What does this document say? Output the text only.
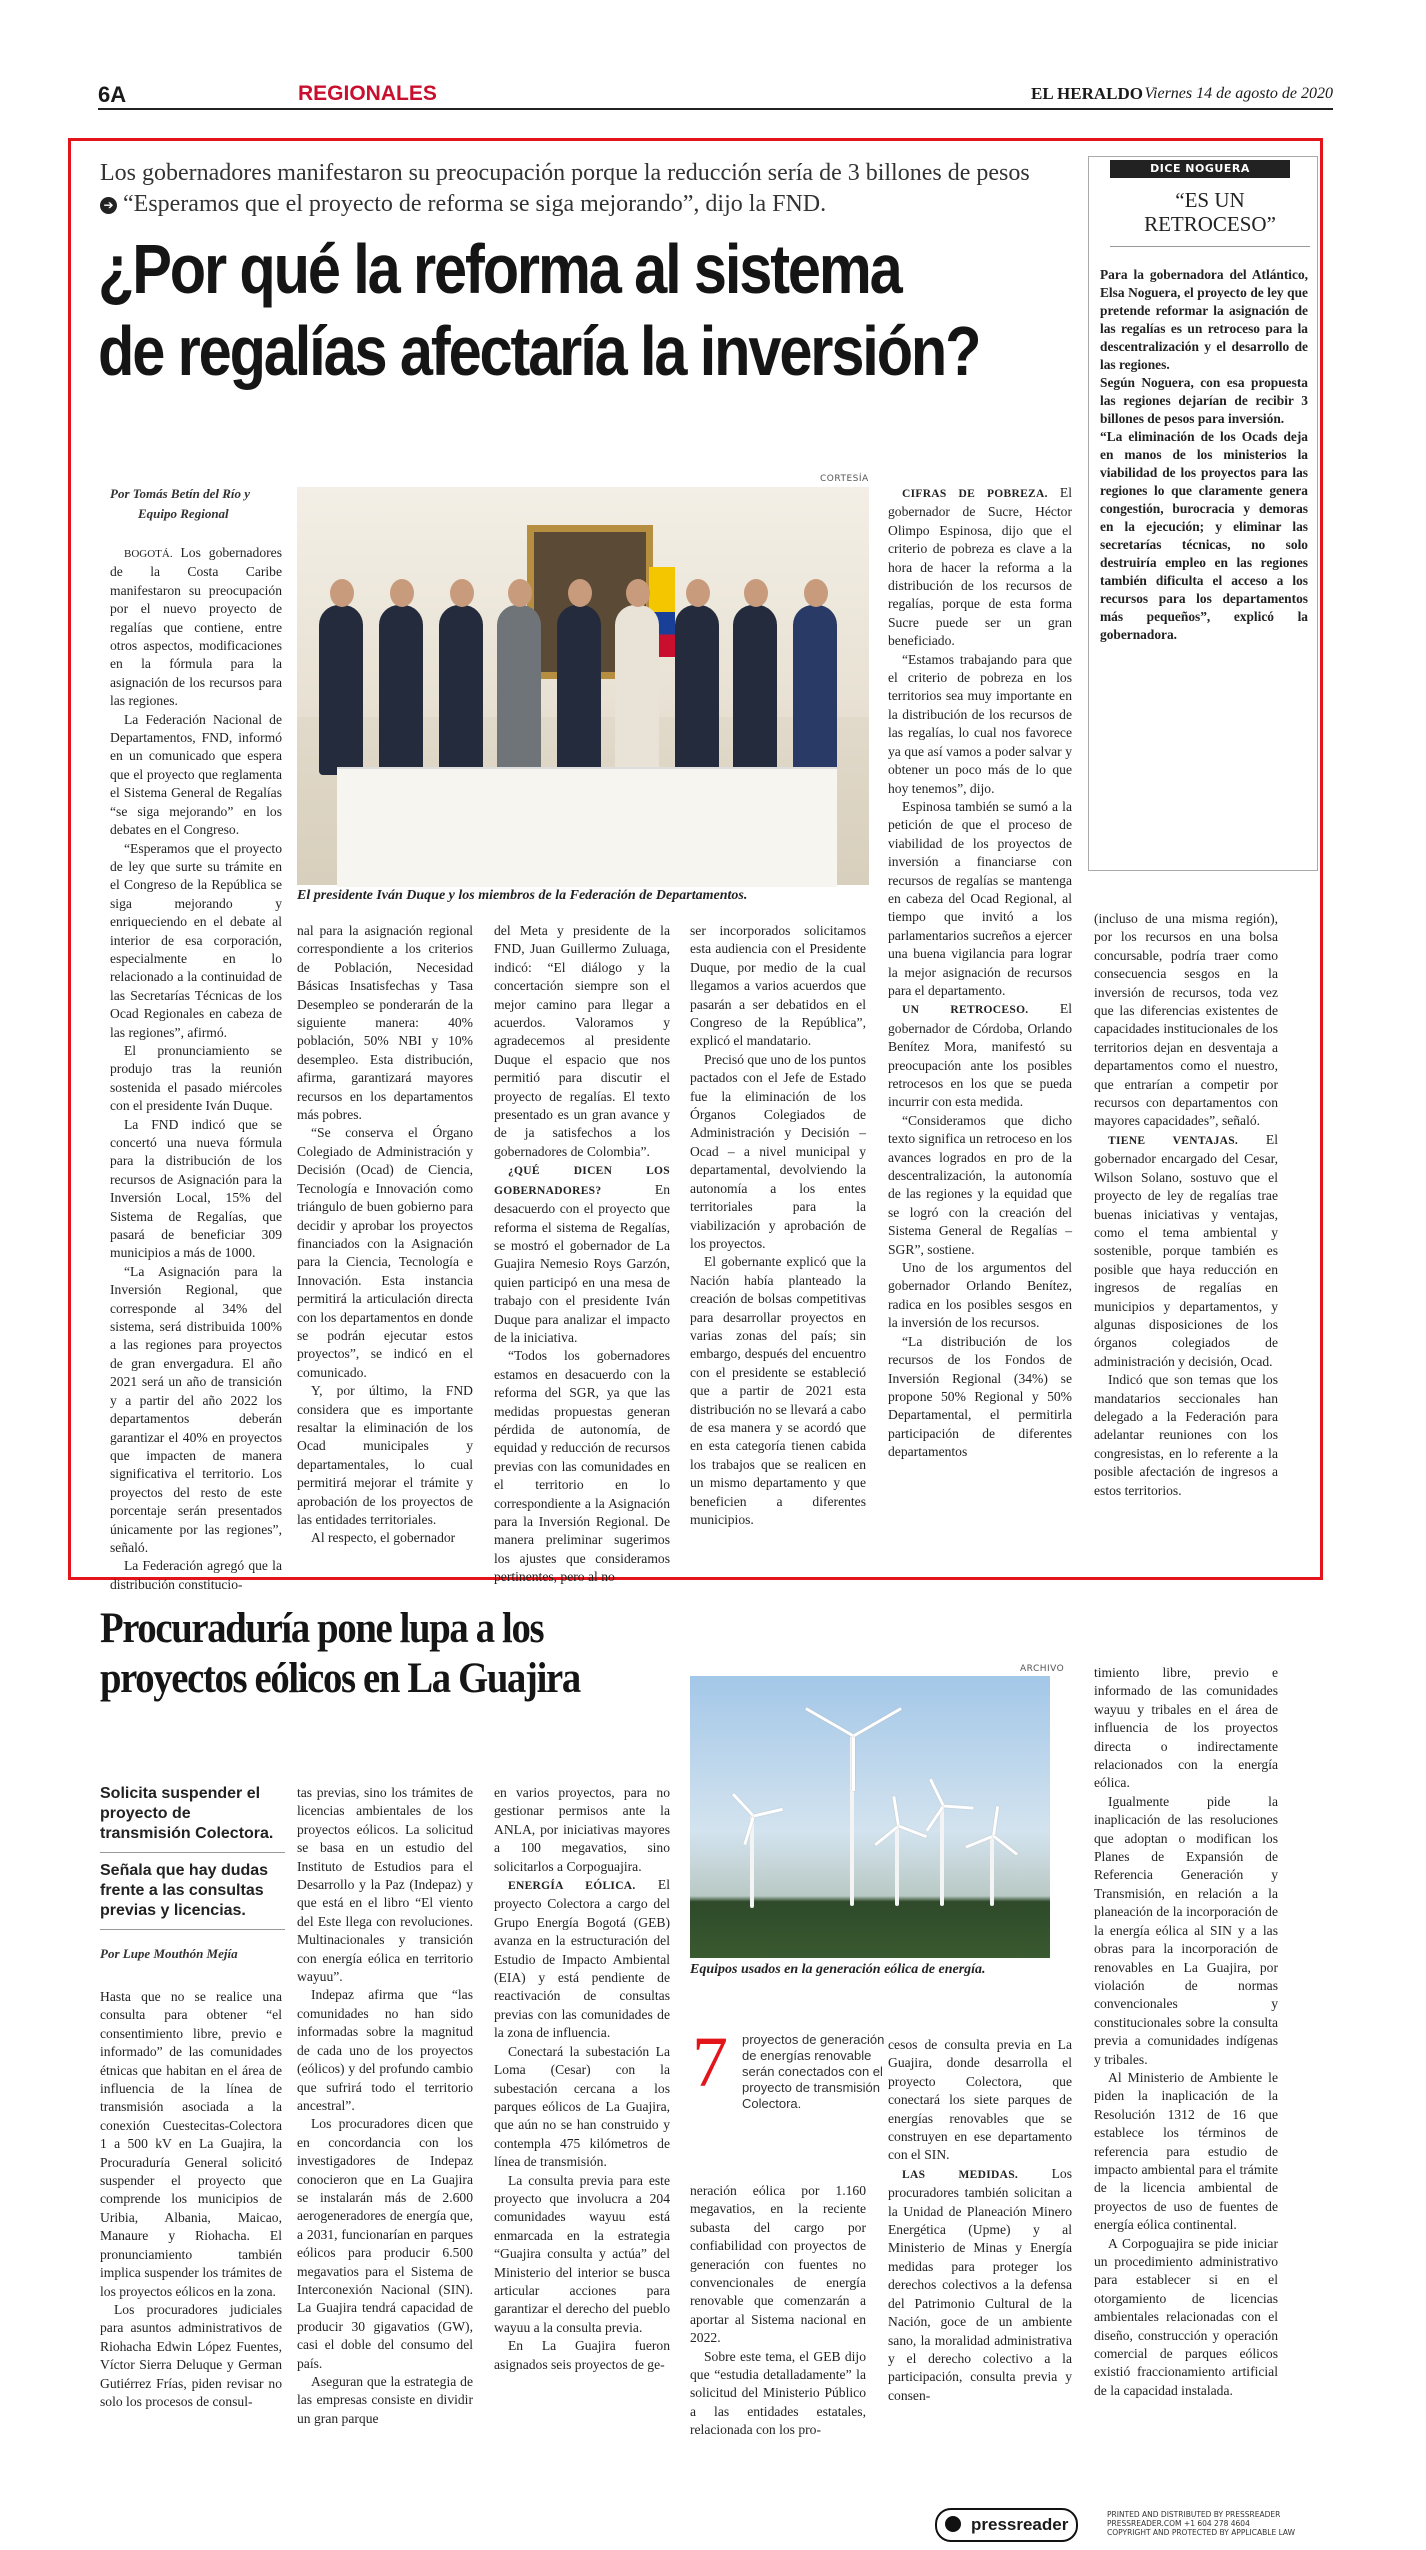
6A	REGIONALES	EL HERALDO Viernes 14 de agosto de 2020
Los gobernadores manifestaron su preocupación porque la reducción sería de 3 billones de pesos ➔ “Esperamos que el proyecto de reforma se siga mejorando”, dijo la FND.
¿Por qué la reforma al sistema
de regalías afectaría la inversión?
Por Tomás Betín del Río y
Equipo Regional
CORTESÍA
El presidente Iván Duque y los miembros de la Federación de Departamentos.

BOGOTÁ. Los gobernadores de la Costa Caribe manifestaron su preocupación por el nuevo proyecto de regalías que contiene, entre otros aspectos, modificaciones en la fórmula para la asignación de los recursos para las regiones.

La Federación Nacional de Departamentos, FND, informó en un comunicado que espera que el proyecto que reglamenta el Sistema General de Regalías “se siga mejorando” en los debates en el Congreso.

“Esperamos que el proyecto de ley que surte su trámite en el Congreso de la República se siga mejorando y enriqueciendo en el debate al interior de esa corporación, especialmente en lo relacionado a la continuidad de las Secretarías Técnicas de los Ocad Regionales en cabeza de las regiones”, afirmó.

El pronunciamiento se produjo tras la reunión sostenida el pasado miércoles con el presidente Iván Duque.

La FND indicó que se concertó una nueva fórmula para la distribución de los recursos de Asignación para la Inversión Local, 15% del Sistema de Regalías, que pasará de beneficiar 309 municipios a más de 1000.

“La Asignación para la Inversión Regional, que corresponde al 34% del sistema, será distribuida 100% a las regiones para proyectos de gran envergadura. El año 2021 será un año de transición y a partir del año 2022 los departamentos deberán garantizar el 40% en proyectos que impacten de manera significativa el territorio. Los proyectos del resto de este porcentaje serán presentados únicamente por las regiones”, señaló.

La Federación agregó que la distribución constitucio-

nal para la asignación regional correspondiente a los criterios de Población, Necesidad Básicas Insatisfechas y Tasa Desempleo se ponderarán de la siguiente manera: 40% población, 50% NBI y 10% desempleo. Esta distribución, afirma, garantizará mayores recursos en los departamentos más pobres.

“Se conserva el Órgano Colegiado de Administración y Decisión (Ocad) de Ciencia, Tecnología e Innovación como triángulo de buen gobierno para decidir y aprobar los proyectos financiados con la Asignación para la Ciencia, Tecnología e Innovación. Esta instancia permitirá la articulación directa con los departamentos en donde se podrán ejecutar estos proyectos”, se indicó en el comunicado.

Y, por último, la FND considera que es importante resaltar la eliminación de los Ocad municipales y departamentales, lo cual permitirá mejorar el trámite y aprobación de los proyectos de las entidades territoriales.

Al respecto, el gobernador

del Meta y presidente de la FND, Juan Guillermo Zuluaga, indicó: “El diálogo y la concertación siempre son el mejor camino para llegar a acuerdos. Valoramos y agradecemos al presidente Duque el espacio que nos permitió para discutir el proyecto de regalías. El texto presentado es un gran avance y de ja satisfechos a los gobernadores de Colombia”.

¿QUÉ DICEN LOS GOBERNADORES? En desacuerdo con el proyecto que reforma el sistema de Regalías, se mostró el gobernador de La Guajira Nemesio Roys Garzón, quien participó en una mesa de trabajo con el presidente Iván Duque para analizar el impacto de la iniciativa.

“Todos los gobernadores estamos en desacuerdo con la reforma del SGR, ya que las medidas propuestas generan pérdida de autonomía, de equidad y reducción de recursos previas con las comunidades en el territorio en lo correspondiente a la Asignación para la Inversión Regional. De manera preliminar sugerimos los ajustes que consideramos pertinentes, pero al no

ser incorporados solicitamos esta audiencia con el Presidente Duque, por medio de la cual llegamos a varios acuerdos que pasarán a ser debatidos en el Congreso de la República”, explicó el mandatario.

Precisó que uno de los puntos pactados con el Jefe de Estado fue la eliminación de los Órganos Colegiados de Administración y Decisión – Ocad – a nivel municipal y departamental, devolviendo la autonomía a los entes territoriales para la viabilización y aprobación de los proyectos.

El gobernante explicó que la Nación había planteado la creación de bolsas competitivas para desarrollar proyectos en varias zonas del país; sin embargo, después del encuentro con el presidente se estableció que a partir de 2021 esta distribución no se llevará a cabo de esa manera y se acordó que en esta categoría tienen cabida los trabajos que se realicen en un mismo departamento y que beneficien a diferentes municipios.

CIFRAS DE POBREZA. El gobernador de Sucre, Héctor Olimpo Espinosa, dijo que el criterio de pobreza es clave a la hora de hacer la reforma a la distribución de los recursos de regalías, porque de esta forma Sucre puede ser un gran beneficiado.

“Estamos trabajando para que el criterio de pobreza en los territorios sea muy importante en la distribución de los recursos de las regalías, lo cual nos favorece ya que así vamos a poder salvar y obtener un poco más de lo que hoy tenemos”, dijo.

Espinosa también se sumó a la petición de que el proceso de viabilidad de los proyectos de inversión a financiarse con recursos de regalías se mantenga en cabeza del Ocad Regional, al tiempo que invitó a los parlamentarios sucreños a ejercer una buena vigilancia para lograr la mejor asignación de recursos para el departamento.

UN RETROCESO. El gobernador de Córdoba, Orlando Benítez Mora, manifestó su preocupación ante los posibles retrocesos en los que se pueda incurrir con esta medida.

“Consideramos que dicho texto significa un retroceso en los avances logrados en pro de la descentralización, la autonomía de las regiones y la equidad que se logró con la creación del Sistema General de Regalías –SGR”, sostiene.

Uno de los argumentos del gobernador Orlando Benítez, radica en los posibles sesgos en la inversión de los recursos.

“La distribución de los recursos de los Fondos de Inversión Regional (34%) se propone 50% Regional y 50% Departamental, el permitirla participación de diferentes departamentos

(incluso de una misma región), por los recursos en una bolsa concursable, podría traer como consecuencia sesgos en la inversión de recursos, toda vez que las diferencias existentes de capacidades institucionales de los territorios dejan en desventaja a departamentos como el nuestro, que entrarían a competir por recursos con departamentos con mayores capacidades”, señaló.

TIENE VENTAJAS. El gobernador encargado del Cesar, Wilson Solano, sostuvo que el proyecto de ley de regalías trae buenas iniciativas y ventajas, como el tema ambiental y sostenible, porque también es posible que haya reducción en ingresos de regalías en municipios y departamentos, y algunas disposiciones de los órganos colegiados de administración y decisión, Ocad.

Indicó que son temas que los mandatarios seccionales han delegado a la Federación para adelantar reuniones con los congresistas, en lo referente a la posible afectación de ingresos a estos territorios.

DICE NOGUERA
“ES UN RETROCESO”

Para la gobernadora del Atlántico, Elsa Noguera, el proyecto de ley que pretende reformar la asignación de las regalías es un retroceso para la descentralización y el desarrollo de las regiones.

Según Noguera, con esa propuesta las regiones dejarían de recibir 3 billones de pesos para inversión.

“La eliminación de los Ocads deja en manos de los ministerios la viabilidad de los proyectos para las regiones lo que claramente genera congestión, burocracia y demoras en la ejecución; y eliminar las secretarías técnicas, no solo destruiría empleo en las regiones también dificulta el acceso a los recursos para los departamentos más pequeños”, explicó la gobernadora.

Procuraduría pone lupa a los
proyectos eólicos en La Guajira
Solicita suspender el proyecto de transmisión Colectora.
Señala que hay dudas frente a las consultas previas y licencias.
Por Lupe Mouthón Mejía
ARCHIVO
Equipos usados en la generación eólica de energía.
7 proyectos de generación de energías renovable serán conectados con el proyecto de transmisión Colectora.

Hasta que no se realice una consulta para obtener “el consentimiento libre, previo e informado” de las comunidades étnicas que habitan en el área de influencia de la línea de transmisión asociada a la conexión Cuestecitas-Colectora 1 a 500 kV en La Guajira, la Procuraduría General solicitó suspender el proyecto que comprende los municipios de Uribia, Albania, Maicao, Manaure y Riohacha. El pronunciamiento también implica suspender los trámites de los proyectos eólicos en la zona.

Los procuradores judiciales para asuntos administrativos de Riohacha Edwin López Fuentes, Víctor Sierra Deluque y German Gutiérrez Frías, piden revisar no solo los procesos de consul-

tas previas, sino los trámites de licencias ambientales de los proyectos eólicos. La solicitud se basa en un estudio del Instituto de Estudios para el Desarrollo y la Paz (Indepaz) y que está en el libro “El viento del Este llega con revoluciones. Multinacionales y transición con energía eólica en territorio wayuu”.

Indepaz afirma que “las comunidades no han sido informadas sobre la magnitud de cada uno de los proyectos (eólicos) y del profundo cambio que sufrirá todo el territorio ancestral”.

Los procuradores dicen que en concordancia con los investigadores de Indepaz conocieron que en La Guajira se instalarán más de 2.600 aerogeneradores de energía que, a 2031, funcionarían en parques eólicos para producir 6.500 megavatios para el Sistema de Interconexión Nacional (SIN). La Guajira tendrá capacidad de producir 30 gigavatios (GW), casi el doble del consumo del país.

Aseguran que la estrategia de las empresas consiste en dividir un gran parque

en varios proyectos, para no gestionar permisos ante la ANLA, por iniciativas mayores a 100 megavatios, sino solicitarlos a Corpoguajira.

ENERGÍA EÓLICA. El proyecto Colectora a cargo del Grupo Energía Bogotá (GEB) avanza en la estructuración del Estudio de Impacto Ambiental (EIA) y está pendiente de reactivación de consultas previas con las comunidades de la zona de influencia.

Conectará la subestación La Loma (Cesar) con la subestación cercana a los parques eólicos de La Guajira, que aún no se han construido y contempla 475 kilómetros de línea de transmisión.

La consulta previa para este proyecto que involucra a 204 comunidades wayuu está enmarcada en la estrategia “Guajira consulta y actúa” del Ministerio del interior se busca articular acciones para garantizar el derecho del pueblo wayuu a la consulta previa.

En La Guajira fueron asignados seis proyectos de ge-

neración eólica por 1.160 megavatios, en la reciente subasta del cargo por confiabilidad con proyectos de generación con fuentes no convencionales de energía renovable que comenzarán a aportar al Sistema nacional en 2022.

Sobre este tema, el GEB dijo que “estudia detalladamente” la solicitud del Ministerio Público a las entidades estatales, relacionada con los pro-

cesos de consulta previa en La Guajira, donde desarrolla el proyecto Colectora, que conectará los siete parques de energías renovables que se construyen en ese departamento con el SIN.

LAS MEDIDAS. Los procuradores también solicitan a la Unidad de Planeación Minero Energética (Upme) y al Ministerio de Minas y Energía medidas para proteger los derechos colectivos a la defensa del Patrimonio Cultural de la Nación, goce de un ambiente sano, la moralidad administrativa y el derecho colectivo a la participación, consulta previa y consen-

timiento libre, previo e informado de las comunidades wayuu y tribales en el área de influencia de los proyectos directa o indirectamente relacionados con la energía eólica.

Igualmente pide la inaplicación de las resoluciones que adoptan o modifican los Planes de Expansión de Referencia Generación y Transmisión, en relación a la planeación de la incorporación de la energía eólica al SIN y a las obras para la incorporación de renovables en La Guajira, por violación de normas convencionales y constitucionales sobre la consulta previa a comunidades indígenas y tribales.

Al Ministerio de Ambiente le piden la inaplicación de la Resolución 1312 de 16 que establece los términos de referencia para estudio de impacto ambiental para el trámite de la licencia ambiental de proyectos de uso de fuentes de energía eólica continental.

A Corpoguajira se pide iniciar un procedimiento administrativo para establecer si en el otorgamiento de licencias ambientales relacionadas con el diseño, construcción y operación comercial de parques eólicos existió fraccionamiento artificial de la capacidad instalada.

pressreader
PRINTED AND DISTRIBUTED BY PRESSREADER
PRESSREADER.COM +1 604 278 4604
COPYRIGHT AND PROTECTED BY APPLICABLE LAW
